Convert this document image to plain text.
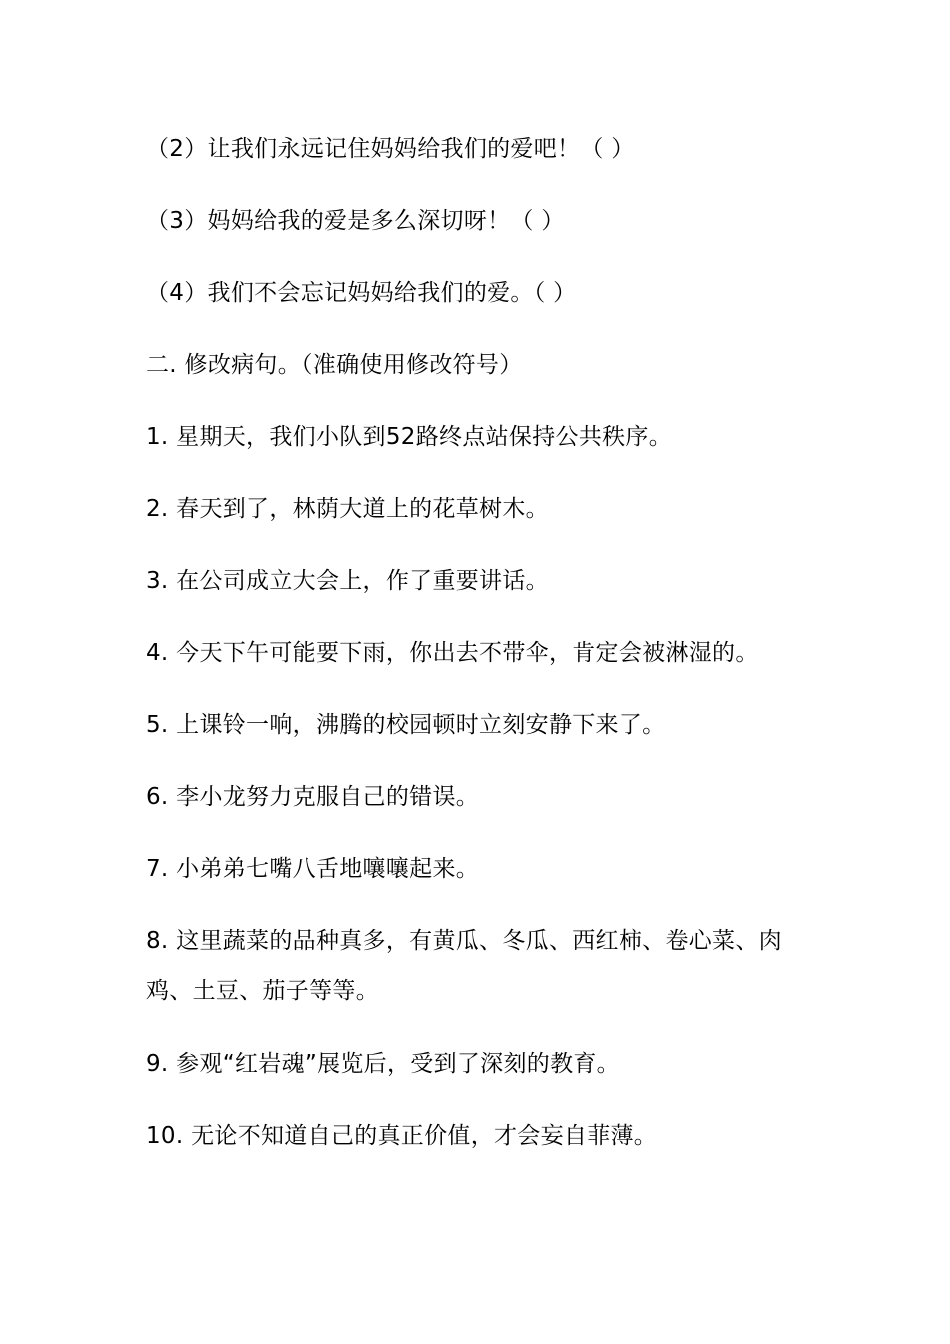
（2）让我们永远记住妈妈给我们的爱吧！（ ）
（3）妈妈给我的爱是多么深切呀！（ ）
（4）我们不会忘记妈妈给我们的爱。（ ）
二. 修改病句。（准确使用修改符号）
1. 星期天，我们小队到52路终点站保持公共秩序。
2. 春天到了，林荫大道上的花草树木。
3. 在公司成立大会上，作了重要讲话。
4. 今天下午可能要下雨，你出去不带伞，肯定会被淋湿的。
5. 上课铃一响，沸腾的校园顿时立刻安静下来了。
6. 李小龙努力克服自己的错误。
7. 小弟弟七嘴八舌地嚷嚷起来。
8. 这里蔬菜的品种真多，有黄瓜、冬瓜、西红柿、卷心菜、肉鸡、土豆、茄子等等。
9. 参观“红岩魂”展览后，受到了深刻的教育。
10. 无论不知道自己的真正价值，才会妄自菲薄。
